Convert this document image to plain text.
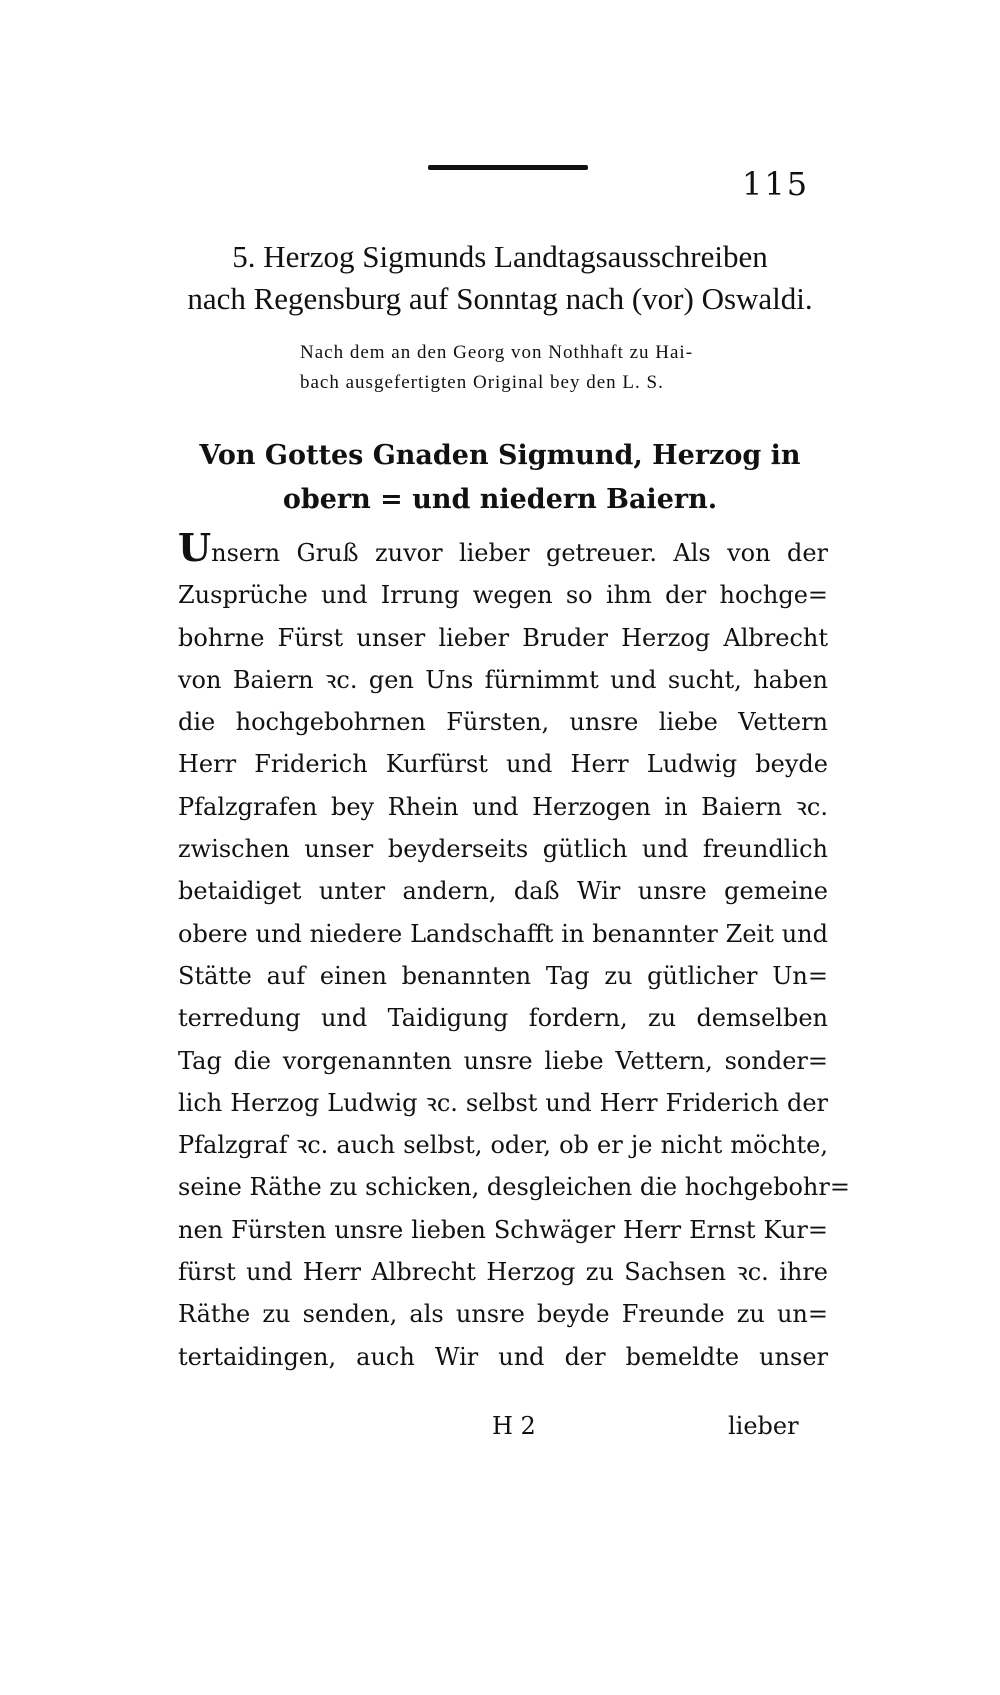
115
5. Herzog Sigmunds Landtagsausschreiben
nach Regensburg auf Sonntag nach (vor) Oswaldi.
Nach dem an den Georg von Nothhaft zu Hai-
bach ausgefertigten Original bey den L. S.
Von Gottes Gnaden Sigmund, Herzog in
obern = und niedern Baiern.
Unsern Gruß zuvor lieber getreuer. Als von der
Zusprüche und Irrung wegen so ihm der hochge=
bohrne Fürst unser lieber Bruder Herzog Albrecht
von Baiern ꝛc. gen Uns fürnimmt und sucht, haben
die hochgebohrnen Fürsten, unsre liebe Vettern
Herr Friderich Kurfürst und Herr Ludwig beyde
Pfalzgrafen bey Rhein und Herzogen in Baiern ꝛc.
zwischen unser beyderseits gütlich und freundlich
betaidiget unter andern, daß Wir unsre gemeine
obere und niedere Landschafft in benannter Zeit und
Stätte auf einen benannten Tag zu gütlicher Un=
terredung und Taidigung fordern, zu demselben
Tag die vorgenannten unsre liebe Vettern, sonder=
lich Herzog Ludwig ꝛc. selbst und Herr Friderich der
Pfalzgraf ꝛc. auch selbst, oder, ob er je nicht möchte,
seine Räthe zu schicken, desgleichen die hochgebohr=
nen Fürsten unsre lieben Schwäger Herr Ernst Kur=
fürst und Herr Albrecht Herzog zu Sachsen ꝛc. ihre
Räthe zu senden, als unsre beyde Freunde zu un=
tertaidingen, auch Wir und der bemeldte unser
H 2	lieber
